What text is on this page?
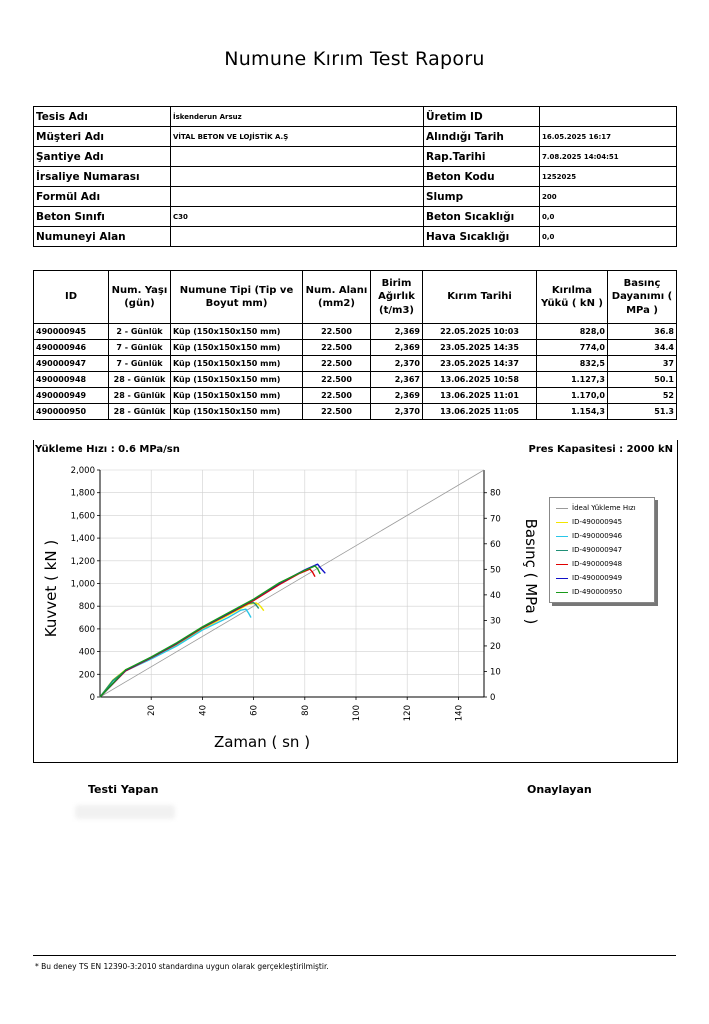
Numune Kırım Test Raporu
Tesis Adı	İskenderun Arsuz	Üretim ID	
Müşteri Adı	VİTAL BETON VE LOJİSTİK A.Ş	Alındığı Tarih	16.05.2025 16:17
Şantiye Adı		Rap.Tarihi	7.08.2025 14:04:51
İrsaliye Numarası		Beton Kodu	1252025
Formül Adı		Slump	200
Beton Sınıfı	C30	Beton Sıcaklığı	0,0
Numuneyi Alan		Hava Sıcaklığı	0,0
ID	Num. Yaşı (gün)	Numune Tipi (Tip ve Boyut mm)	Num. Alanı (mm2)	Birim Ağırlık (t/m3)	Kırım Tarihi	Kırılma Yükü ( kN )	Basınç Dayanımı ( MPa )
490000945	2 - Günlük	Küp (150x150x150 mm)	22.500	2,369	22.05.2025 10:03	828,0	36.8
490000946	7 - Günlük	Küp (150x150x150 mm)	22.500	2,369	23.05.2025 14:35	774,0	34.4
490000947	7 - Günlük	Küp (150x150x150 mm)	22.500	2,370	23.05.2025 14:37	832,5	37
490000948	28 - Günlük	Küp (150x150x150 mm)	22.500	2,367	13.06.2025 10:58	1.127,3	50.1
490000949	28 - Günlük	Küp (150x150x150 mm)	22.500	2,369	13.06.2025 11:01	1.170,0	52
490000950	28 - Günlük	Küp (150x150x150 mm)	22.500	2,370	13.06.2025 11:05	1.154,3	51.3
Yükleme Hızı : 0.6 MPa/sn	Pres Kapasitesi : 2000 kN
0
200
400
600
800
1,000
1,200
1,400
1,600
1,800
2,000
0
10
20
30
40
50
60
70
80
20	40	60	80	100	120	140
Zaman ( sn )
Kuvvet ( kN )	Basınç ( MPa )
İdeal Yükleme Hızı
ID-490000945
ID-490000946
ID-490000947
ID-490000948
ID-490000949
ID-490000950
Testi Yapan	Onaylayan
* Bu deney TS EN 12390-3:2010 standardına uygun olarak gerçekleştirilmiştir.
